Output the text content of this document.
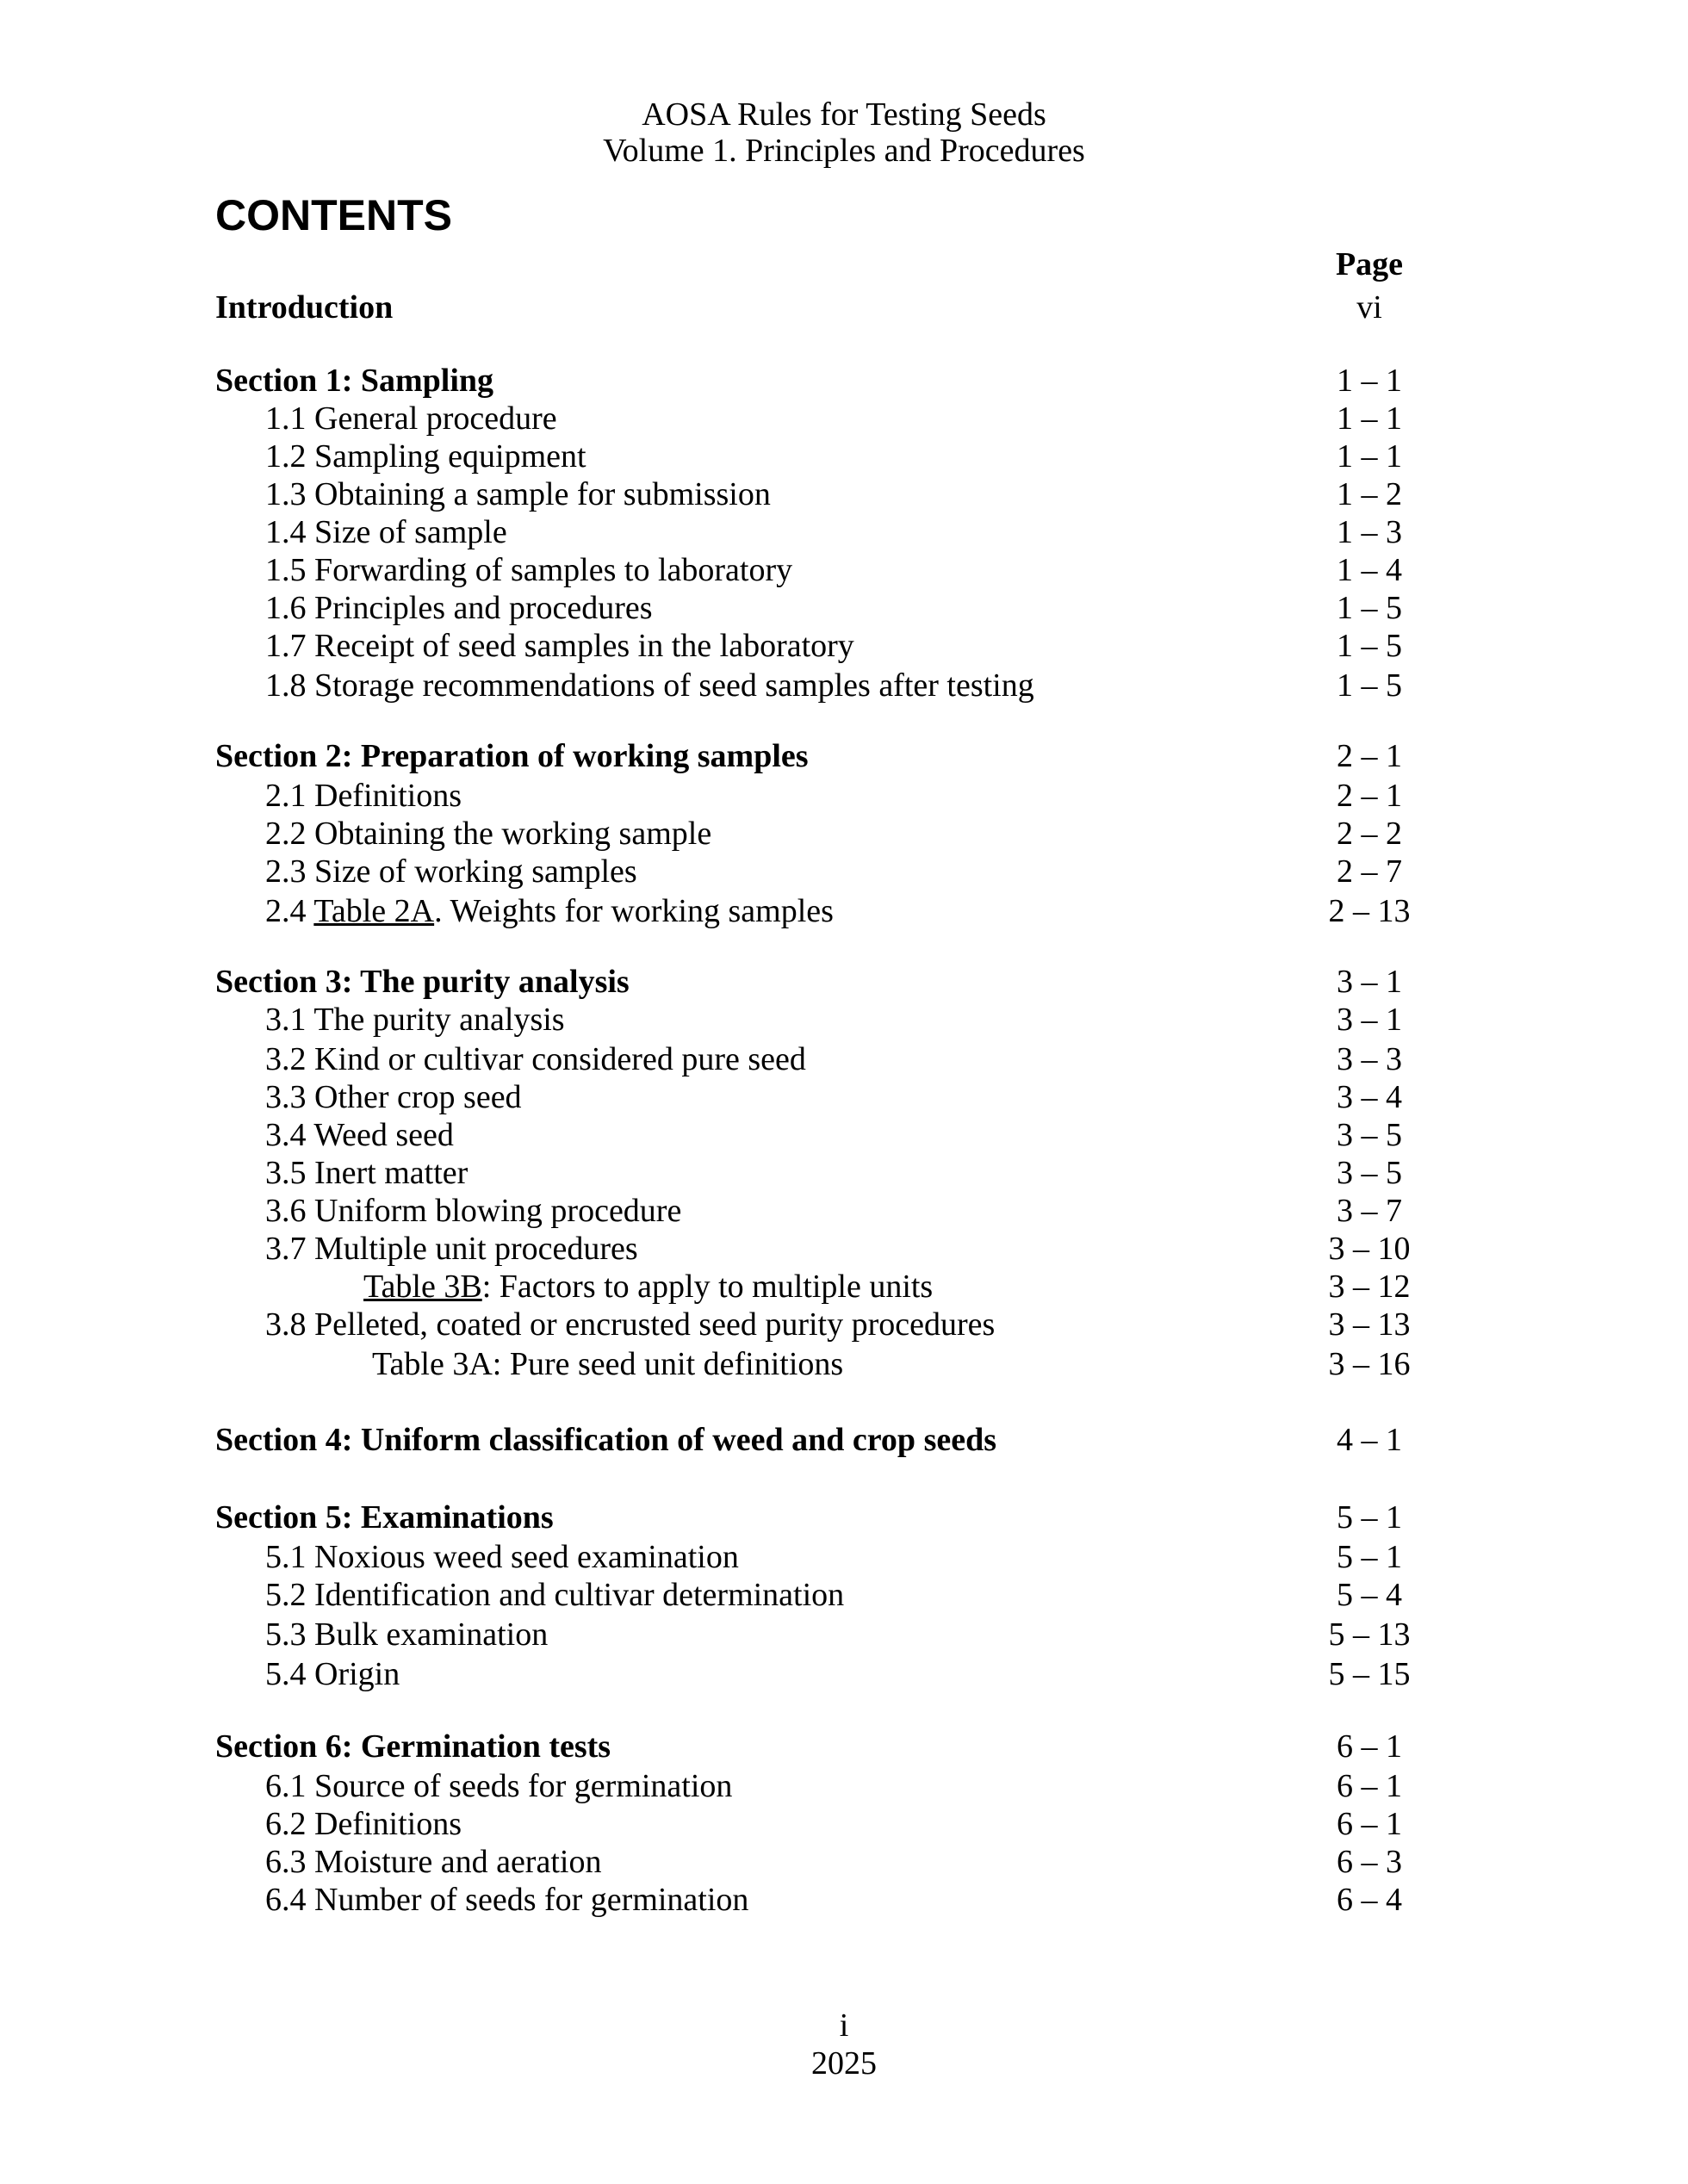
AOSA Rules for Testing Seeds
Volume 1. Principles and Procedures
CONTENTS
Page
Introduction	vi
Section 1: Sampling	1 – 1
1.1 General procedure	1 – 1
1.2 Sampling equipment	1 – 1
1.3 Obtaining a sample for submission	1 – 2
1.4 Size of sample	1 – 3
1.5 Forwarding of samples to laboratory	1 – 4
1.6 Principles and procedures	1 – 5
1.7 Receipt of seed samples in the laboratory	1 – 5
1.8 Storage recommendations of seed samples after testing	1 – 5
Section 2: Preparation of working samples	2 – 1
2.1 Definitions	2 – 1
2.2 Obtaining the working sample	2 – 2
2.3 Size of working samples	2 – 7
2.4 Table 2A. Weights for working samples	2 – 13
Section 3: The purity analysis	3 – 1
3.1 The purity analysis	3 – 1
3.2 Kind or cultivar considered pure seed	3 – 3
3.3 Other crop seed	3 – 4
3.4 Weed seed	3 – 5
3.5 Inert matter	3 – 5
3.6 Uniform blowing procedure	3 – 7
3.7 Multiple unit procedures	3 – 10
Table 3B: Factors to apply to multiple units	3 – 12
3.8 Pelleted, coated or encrusted seed purity procedures	3 – 13
Table 3A: Pure seed unit definitions	3 – 16
Section 4: Uniform classification of weed and crop seeds	4 – 1
Section 5: Examinations	5 – 1
5.1 Noxious weed seed examination	5 – 1
5.2 Identification and cultivar determination	5 – 4
5.3 Bulk examination	5 – 13
5.4 Origin	5 – 15
Section 6: Germination tests	6 – 1
6.1 Source of seeds for germination	6 – 1
6.2 Definitions	6 – 1
6.3 Moisture and aeration	6 – 3
6.4 Number of seeds for germination	6 – 4
i
2025
